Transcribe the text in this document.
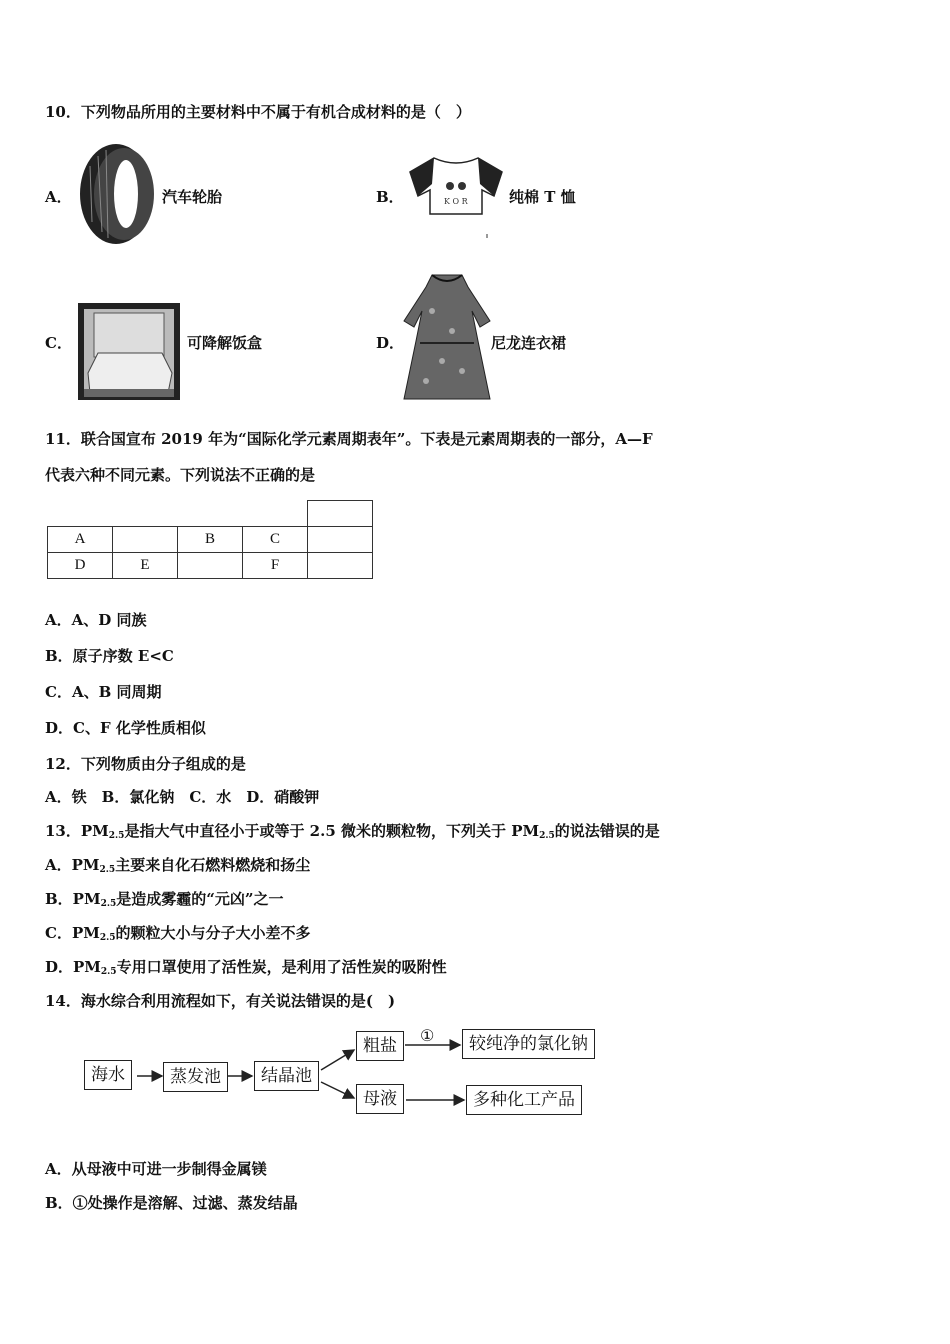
10．下列物品所用的主要材料中不属于有机合成材料的是（　）
A．	汽车轮胎	B．	K O R	纯棉 T 恤
C．	可降解饭盒	D．	尼龙连衣裙
11．联合国宣布 2019 年为“国际化学元素周期表年”。下表是元素周期表的一部分，A—F
代表六种不同元素。下列说法不正确的是

A		B	C	
D	E		F	
A．A、D 同族
B．原子序数 E<C
C．A、B 同周期
D．C、F 化学性质相似
12．下列物质由分子组成的是
A．铁　B．氯化钠　C．水　D．硝酸钾
13．$PM_{2.5}$是指大气中直径小于或等于 2.5 微米的颗粒物，下列关于 $PM_{2.5}$的说法错误的是
A．$PM_{2.5}$主要来自化石燃料燃烧和扬尘
B．$PM_{2.5}$是造成雾霾的“元凶”之一
C．$PM_{2.5}$的颗粒大小与分子大小差不多
D．$PM_{2.5}$专用口罩使用了活性炭，是利用了活性炭的吸附性
14．海水综合利用流程如下，有关说法错误的是(　)
海水	蒸发池	结晶池
粗盐
①	较纯净的氯化钠
母液	多种化工产品
A．从母液中可进一步制得金属镁
B．①处操作是溶解、过滤、蒸发结晶
